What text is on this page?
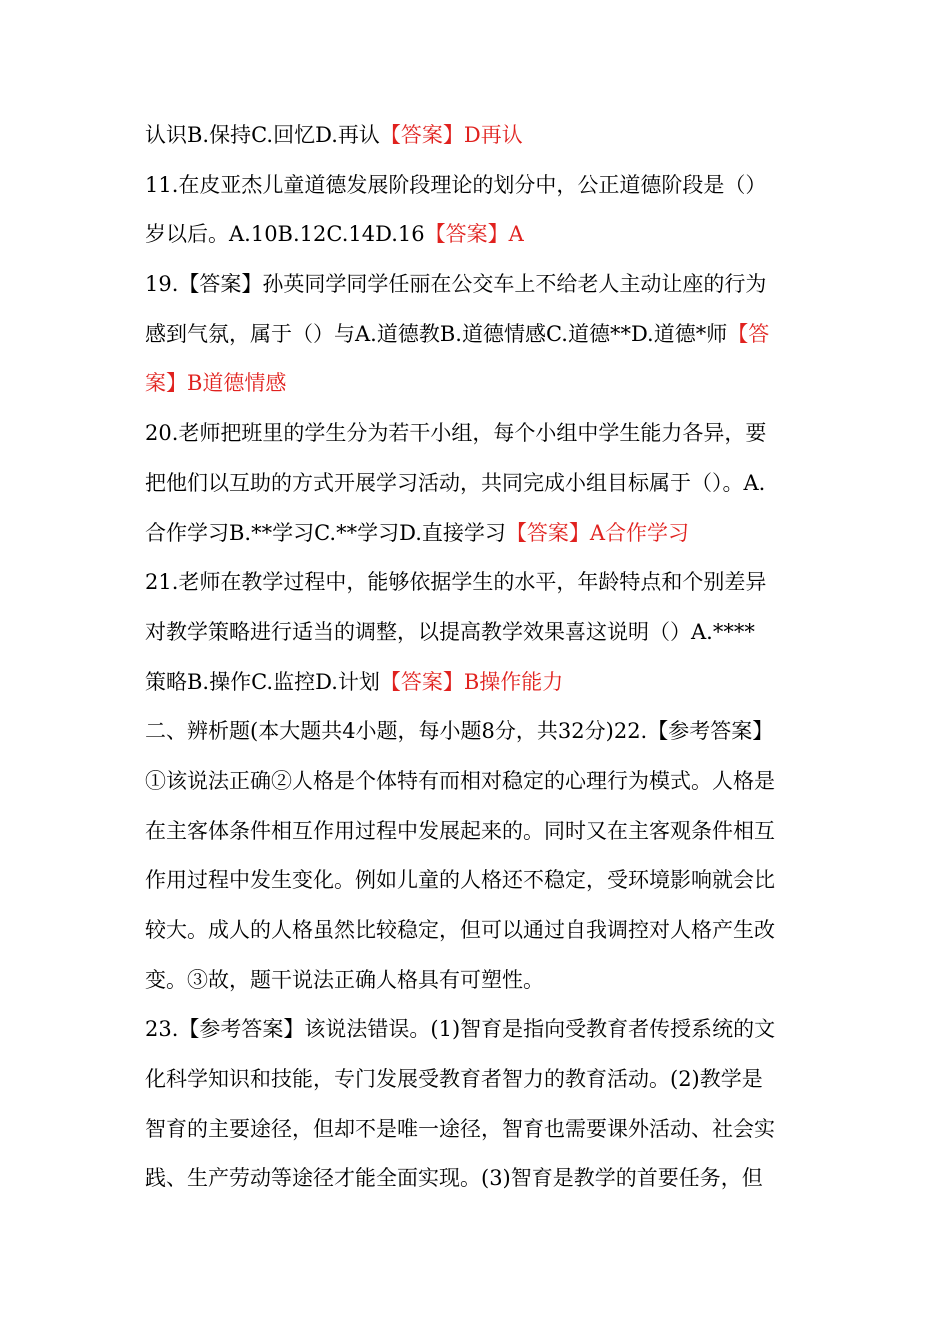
认识B.保持C.回忆D.再认【答案】D再认
11.在皮亚杰儿童道德发展阶段理论的划分中，公正道德阶段是（）
岁以后。A.10B.12C.14D.16【答案】A
19.【答案】孙英同学同学任丽在公交车上不给老人主动让座的行为
感到气氛，属于（）与A.道德教B.道德情感C.道德**D.道德*师【答
案】B道德情感
20.老师把班里的学生分为若干小组，每个小组中学生能力各异，要
把他们以互助的方式开展学习活动，共同完成小组目标属于（）。A.
合作学习B.**学习C.**学习D.直接学习【答案】A合作学习
21.老师在教学过程中，能够依据学生的水平，年龄特点和个别差异
对教学策略进行适当的调整，以提高教学效果喜这说明（）A.****
策略B.操作C.监控D.计划【答案】B操作能力
二、辨析题(本大题共4小题，每小题8分，共32分)22.【参考答案】
①该说法正确②人格是个体特有而相对稳定的心理行为模式。人格是
在主客体条件相互作用过程中发展起来的。同时又在主客观条件相互
作用过程中发生变化。例如儿童的人格还不稳定，受环境影响就会比
较大。成人的人格虽然比较稳定，但可以通过自我调控对人格产生改
变。③故，题干说法正确人格具有可塑性。
23.【参考答案】该说法错误。(1)智育是指向受教育者传授系统的文
化科学知识和技能，专门发展受教育者智力的教育活动。(2)教学是
智育的主要途径，但却不是唯一途径，智育也需要课外活动、社会实
践、生产劳动等途径才能全面实现。(3)智育是教学的首要任务，但
